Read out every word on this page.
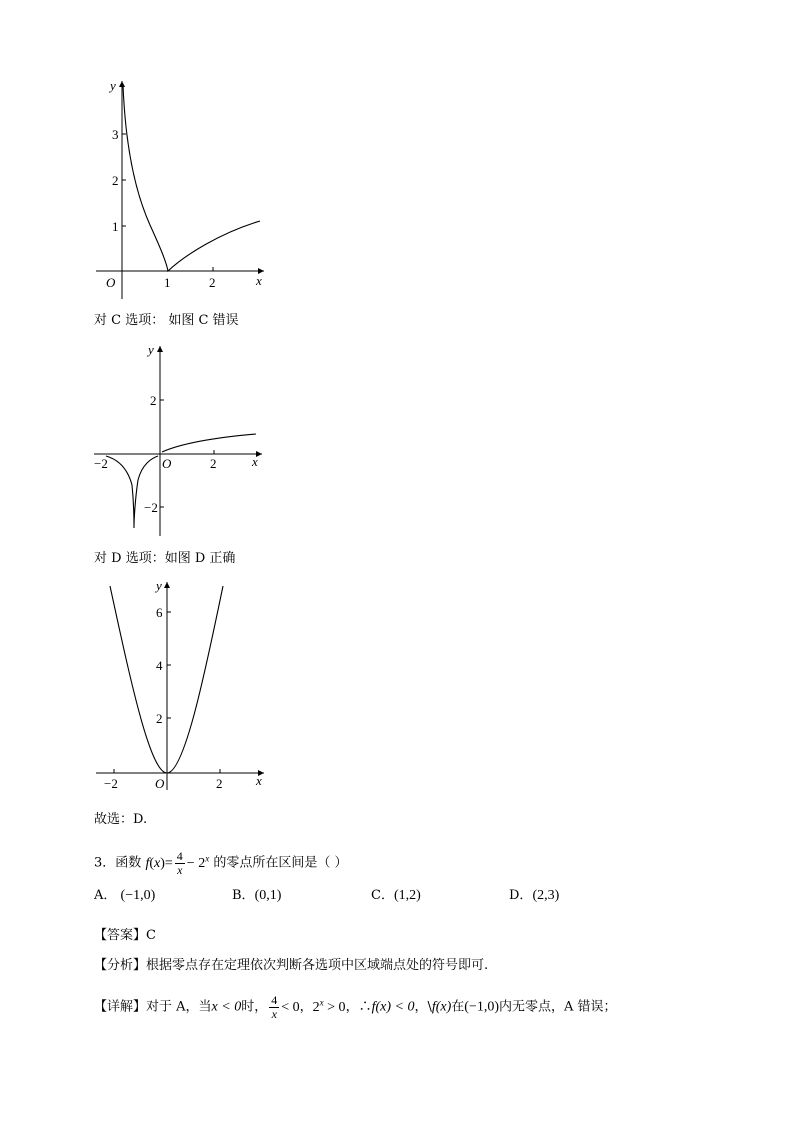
y
x
O
1
2
3
1	2
对 C 选项： 如图 C 错误
y
x
O
2
−2
−2	2
对 D 选项：如图 D 正确
y
x
O
2
4
6
−2	2
故选：D.
3．函数 $f(x)= \frac{4}{x} - 2^x$ 的零点所在区间是（ ）
A． (−1,0)	B．(0,1)	C．(1,2)	D．(2,3)
【答案】C
【分析】根据零点存在定理依次判断各选项中区域端点处的符号即可.
【详解】对于 A，当x < 0时， $\frac{4}{x} < 0$，$2^x > 0$，∴f(x) < 0，\f(x)在(−1,0)内无零点，A 错误；
